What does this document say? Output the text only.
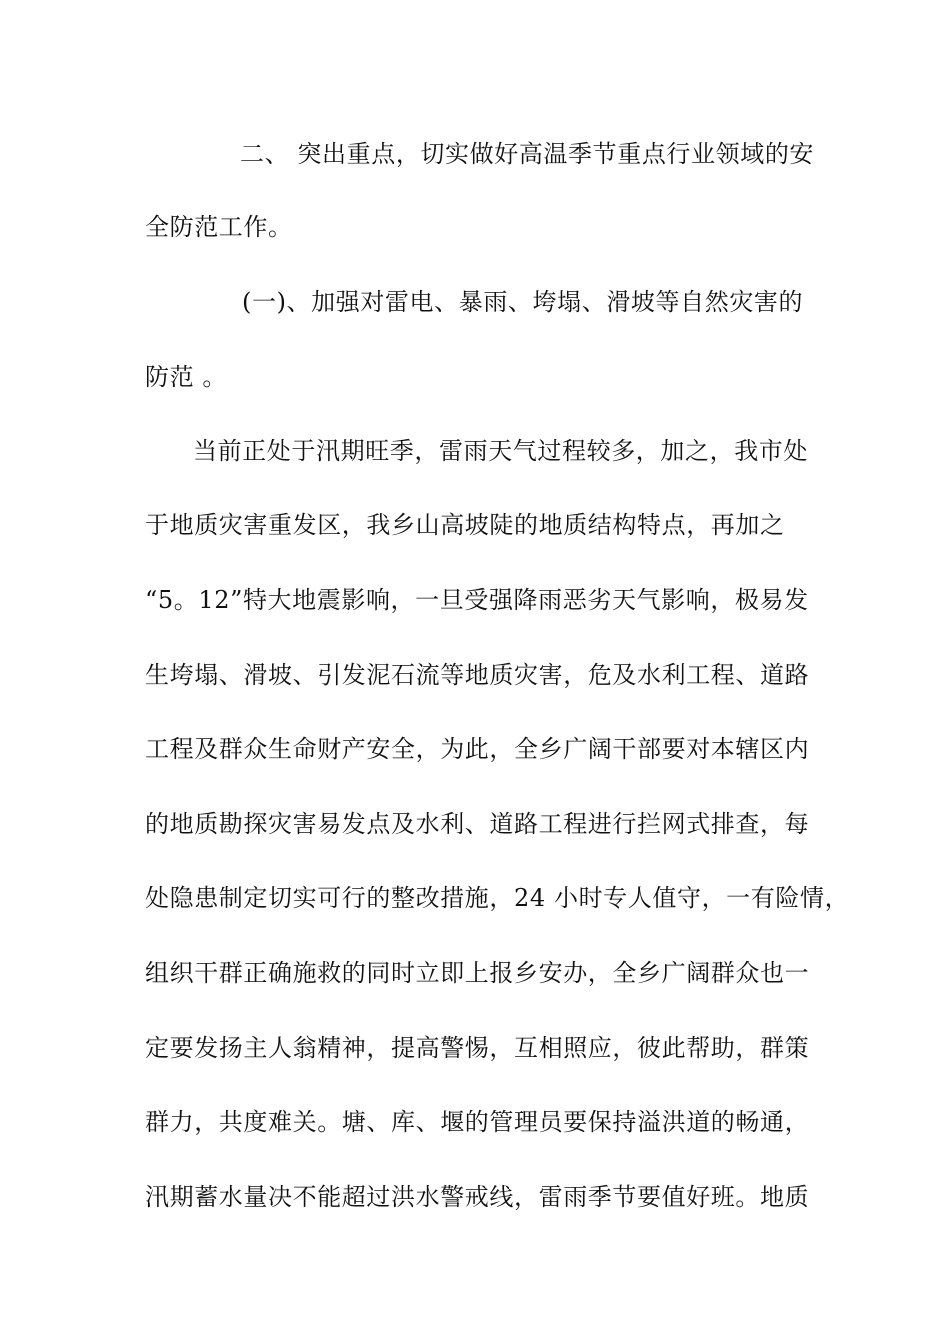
二、 突出重点，切实做好高温季节重点行业领域的安
全防范工作。
(一)、加强对雷电、暴雨、垮塌、滑坡等自然灾害的
防范 。
当前正处于汛期旺季，雷雨天气过程较多，加之，我市处
于地质灾害重发区，我乡山高坡陡的地质结构特点，再加之
“5。12”特大地震影响，一旦受强降雨恶劣天气影响，极易发
生垮塌、滑坡、引发泥石流等地质灾害，危及水利工程、道路
工程及群众生命财产安全，为此，全乡广阔干部要对本辖区内
的地质勘探灾害易发点及水利、道路工程进行拦网式排查，每
处隐患制定切实可行的整改措施，24 小时专人值守，一有险情，
组织干群正确施救的同时立即上报乡安办，全乡广阔群众也一
定要发扬主人翁精神，提高警惕，互相照应，彼此帮助，群策
群力，共度难关。塘、库、堰的管理员要保持溢洪道的畅通，
汛期蓄水量决不能超过洪水警戒线，雷雨季节要值好班。地质
